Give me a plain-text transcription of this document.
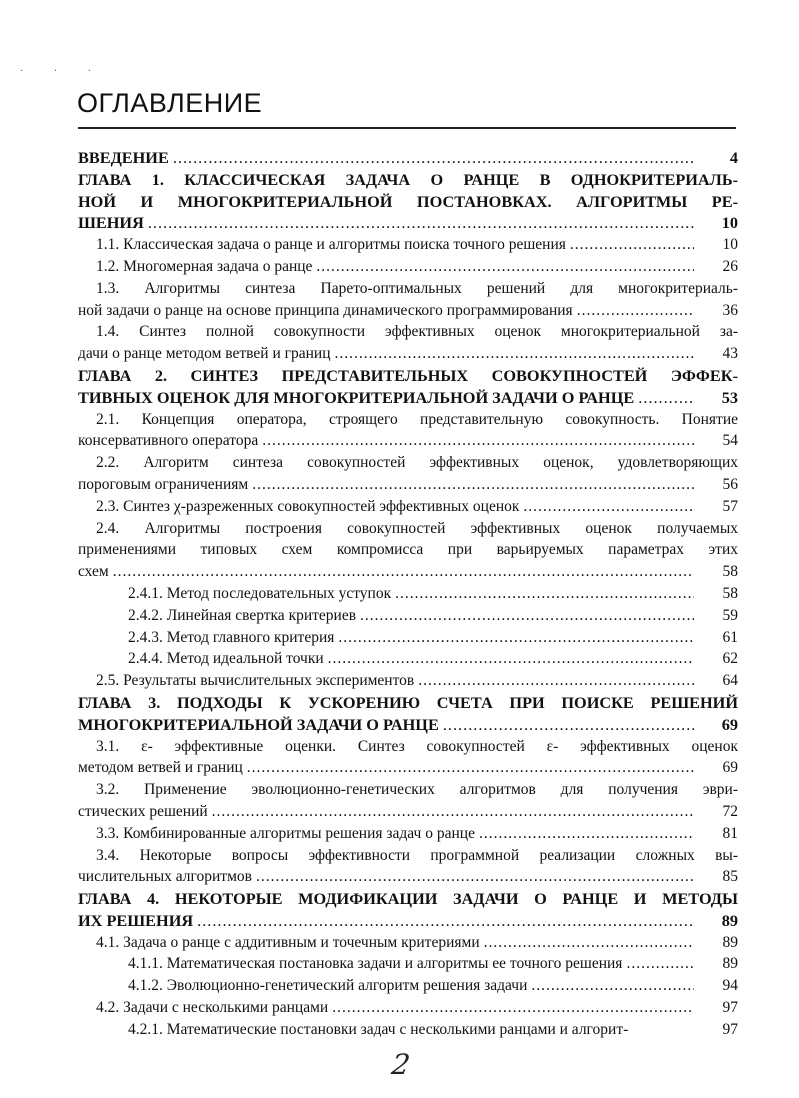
· · ·
ОГЛАВЛЕНИЕ
ВВЕДЕНИЕ .....	4
ГЛАВА 1. КЛАССИЧЕСКАЯ ЗАДАЧА О РАНЦЕ В ОДНОКРИТЕРИАЛЬ-
НОЙ И МНОГОКРИТЕРИАЛЬНОЙ ПОСТАНОВКАХ. АЛГОРИТМЫ РЕ-
ШЕНИЯ .....	10
1.1. Классическая задача о ранце и алгоритмы поиска точного решения .....	10
1.2. Многомерная задача о ранце .....	26
1.3. Алгоритмы синтеза Парето-оптимальных решений для многокритериаль-
ной задачи о ранце на основе принципа динамического программирования .....	36
1.4. Синтез полной совокупности эффективных оценок многокритериальной за-
дачи о ранце методом ветвей и границ .....	43
ГЛАВА 2. СИНТЕЗ ПРЕДСТАВИТЕЛЬНЫХ СОВОКУПНОСТЕЙ ЭФФЕК-
ТИВНЫХ ОЦЕНОК ДЛЯ МНОГОКРИТЕРИАЛЬНОЙ ЗАДАЧИ О РАНЦЕ .....	53
2.1. Концепция оператора, строящего представительную совокупность. Понятие
консервативного оператора .....	54
2.2. Алгоритм синтеза совокупностей эффективных оценок, удовлетворяющих
пороговым ограничениям .....	56
2.3. Синтез χ-разреженных совокупностей эффективных оценок .....	57
2.4. Алгоритмы построения совокупностей эффективных оценок получаемых
применениями типовых схем компромисса при варьируемых параметрах этих
схем .....	58
2.4.1. Метод последовательных уступок .....	58
2.4.2. Линейная свертка критериев .....	59
2.4.3. Метод главного критерия .....	61
2.4.4. Метод идеальной точки .....	62
2.5. Результаты вычислительных экспериментов .....	64
ГЛАВА 3. ПОДХОДЫ К УСКОРЕНИЮ СЧЕТА ПРИ ПОИСКЕ РЕШЕНИЙ
МНОГОКРИТЕРИАЛЬНОЙ ЗАДАЧИ О РАНЦЕ .....	69
3.1. ε- эффективные оценки. Синтез совокупностей ε- эффективных оценок
методом ветвей и границ .....	69
3.2. Применение эволюционно-генетических алгоритмов для получения эври-
стических решений .....	72
3.3. Комбинированные алгоритмы решения задач о ранце .....	81
3.4. Некоторые вопросы эффективности программной реализации сложных вы-
числительных алгоритмов .....	85
ГЛАВА 4. НЕКОТОРЫЕ МОДИФИКАЦИИ ЗАДАЧИ О РАНЦЕ И МЕТОДЫ
ИХ РЕШЕНИЯ .....	89
4.1. Задача о ранце с аддитивным и точечным критериями .....	89
4.1.1. Математическая постановка задачи и алгоритмы ее точного решения .....	89
4.1.2. Эволюционно-генетический алгоритм решения задачи .....	94
4.2. Задачи с несколькими ранцами .....	97
4.2.1. Математические постановки задач с несколькими ранцами и алгорит-	97
2
